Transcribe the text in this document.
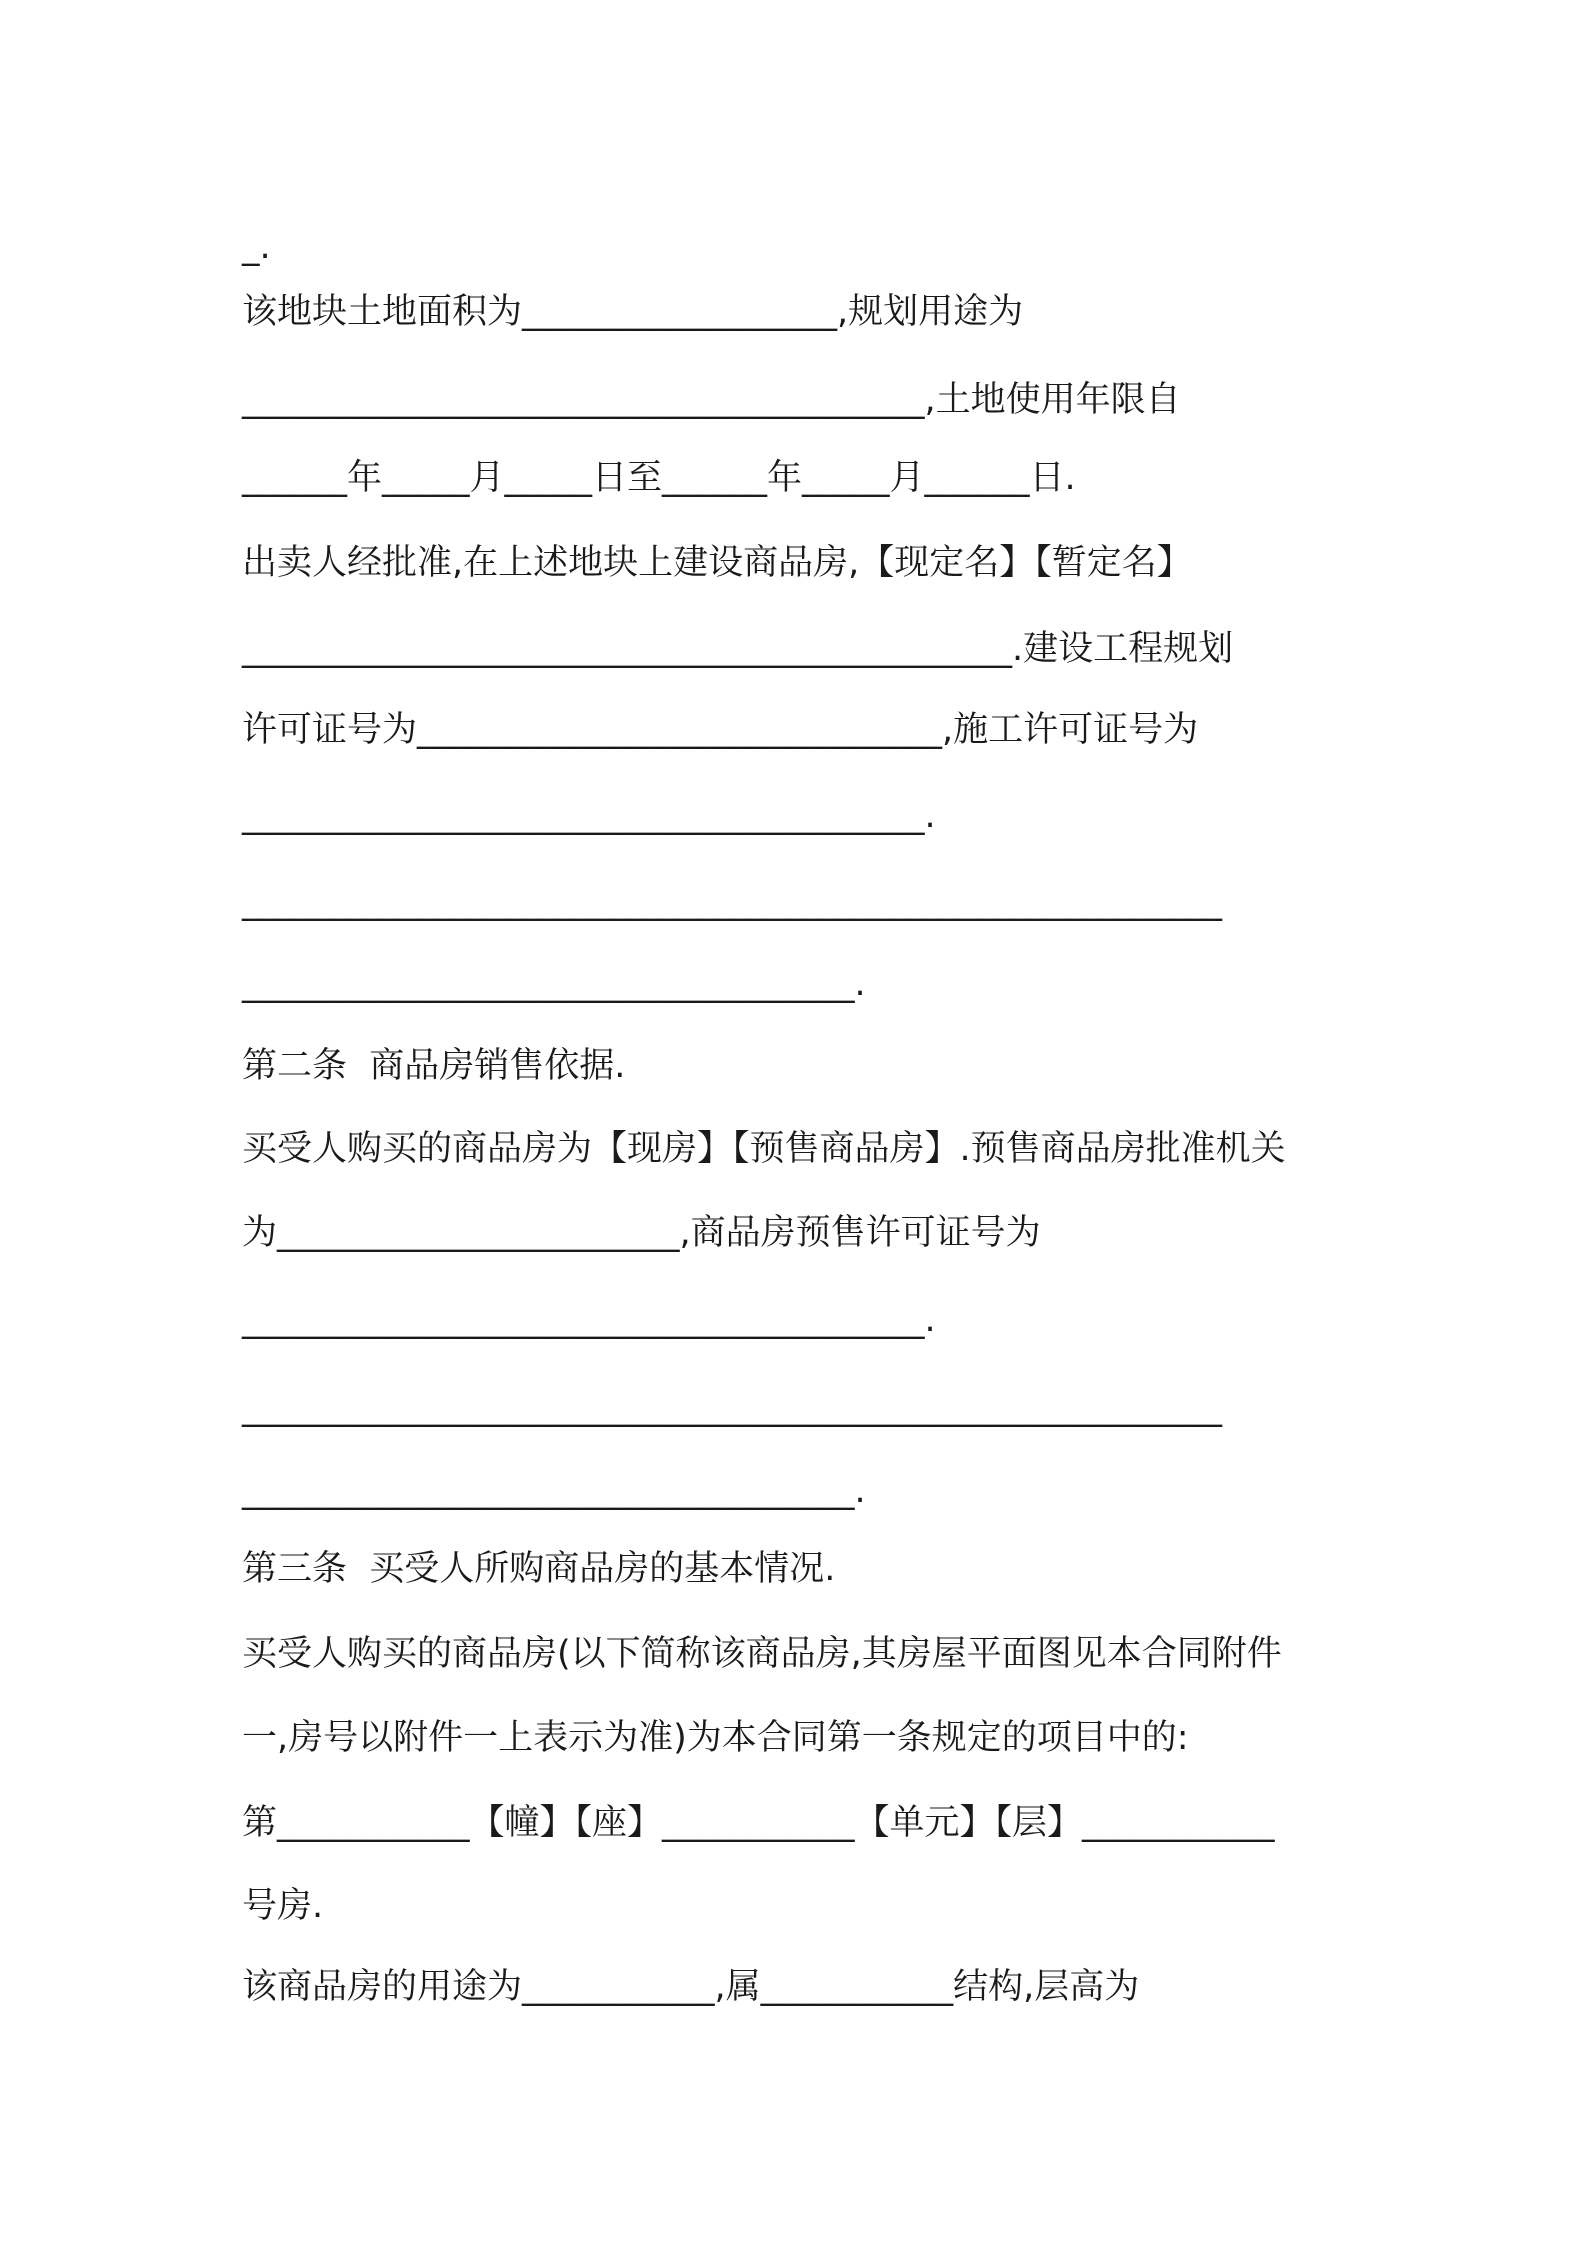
_.

该地块土地面积为__________________,规划用途为

_______________________________________,土地使用年限自

______年_____月_____日至______年_____月______日.

出卖人经批准,在上述地块上建设商品房,【现定名】【暂定名】

____________________________________________.建设工程规划

许可证号为______________________________,施工许可证号为

_______________________________________.

________________________________________________________

___________________________________.

第二条  商品房销售依据.

买受人购买的商品房为【现房】【预售商品房】.预售商品房批准机关

为_______________________,商品房预售许可证号为

_______________________________________.

________________________________________________________

___________________________________.

第三条  买受人所购商品房的基本情况.

买受人购买的商品房(以下简称该商品房,其房屋平面图见本合同附件

一,房号以附件一上表示为准)为本合同第一条规定的项目中的:

第___________【幢】【座】___________【单元】【层】___________

号房.

该商品房的用途为___________,属___________结构,层高为
